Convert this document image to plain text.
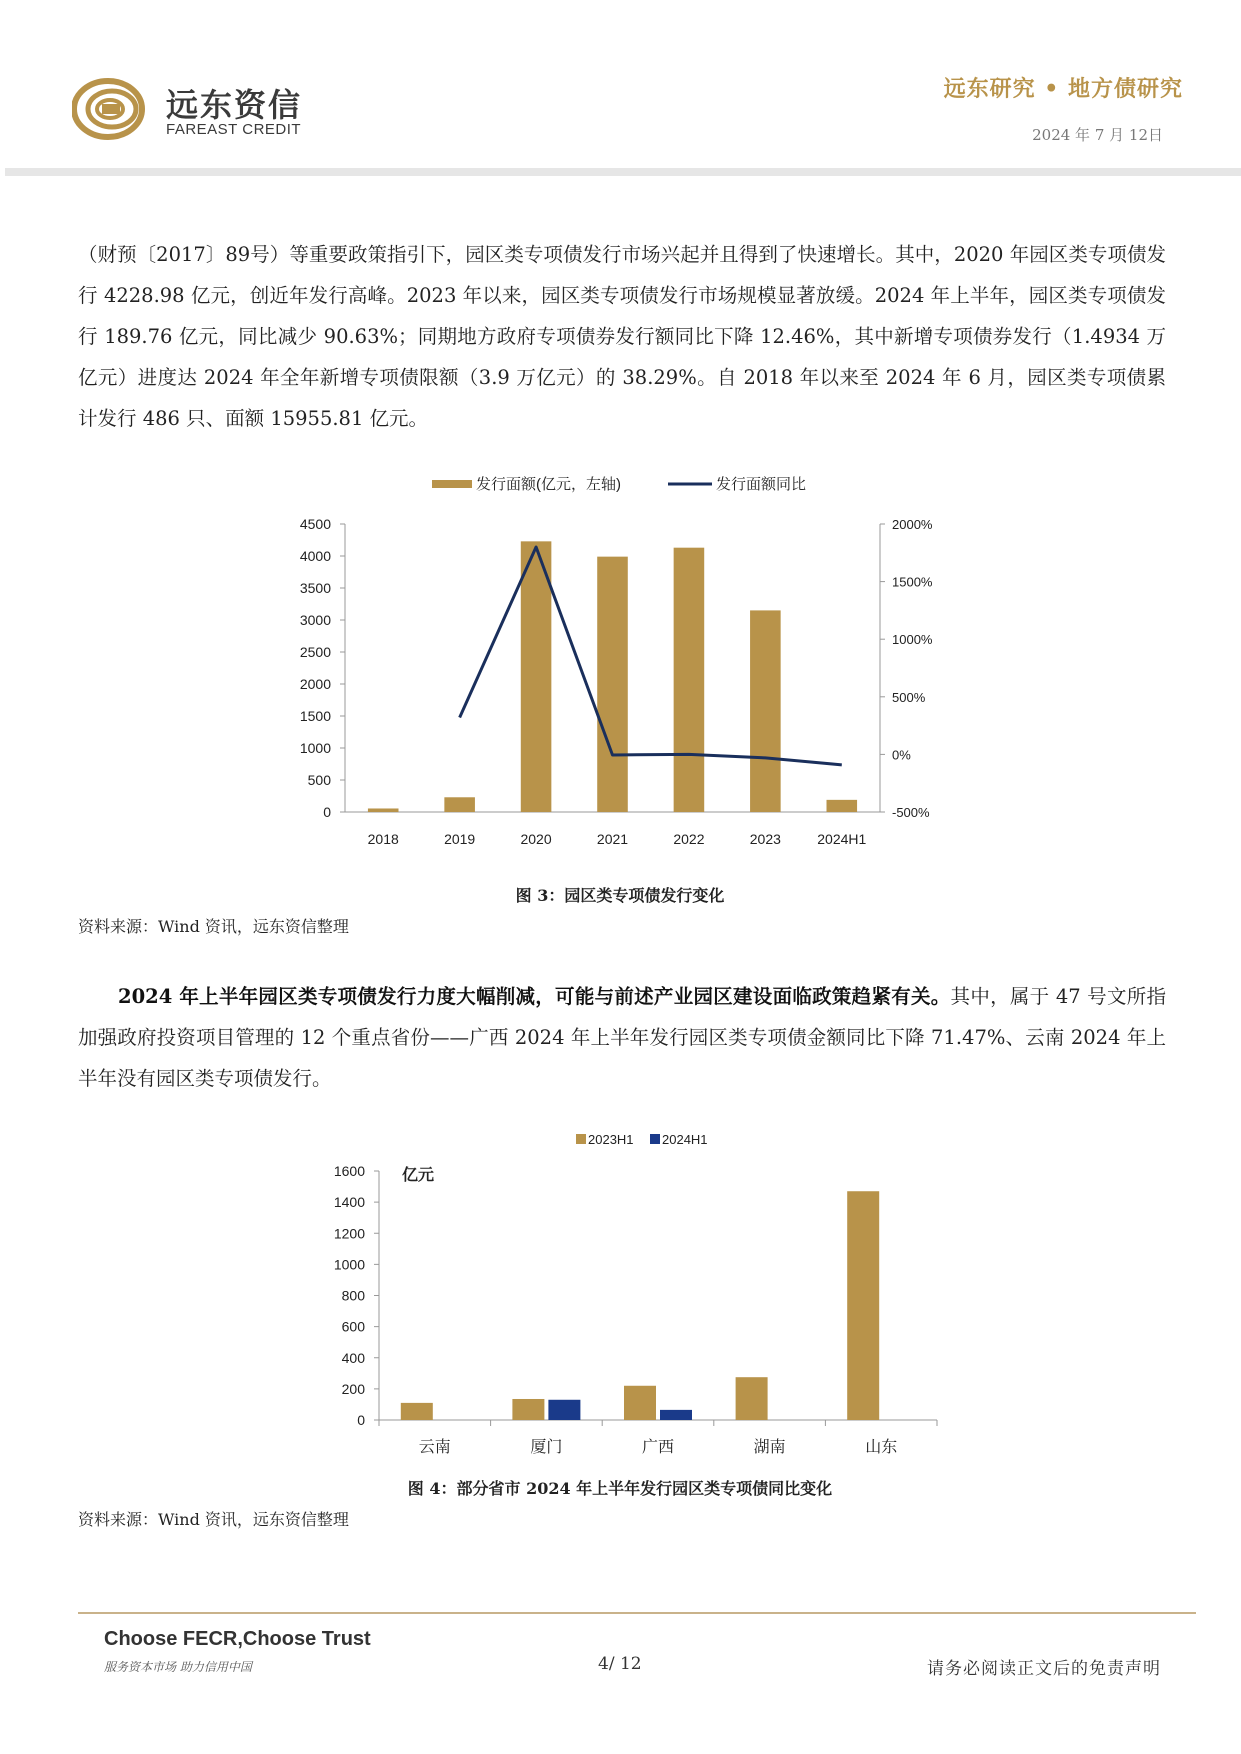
远东资信
FAREAST CREDIT
远东研究 • 地方债研究
2024 年 7 月 12日

（财预〔2017〕89号）等重要政策指引下，园区类专项债发行市场兴起并且得到了快速增长。其中，2020 年园区类专项债发行 4228.98 亿元，创近年发行高峰。2023 年以来，园区类专项债发行市场规模显著放缓。2024 年上半年，园区类专项债发行 189.76 亿元，同比减少 90.63%；同期地方政府专项债券发行额同比下降 12.46%，其中新增专项债券发行（1.4934 万亿元）进度达 2024 年全年新增专项债限额（3.9 万亿元）的 38.29%。自 2018 年以来至 2024 年 6 月，园区类专项债累计发行 486 只、面额 15955.81 亿元。

0
500
1000
1500
2000
2500
3000
3500
4000
4500
-500%
0%
500%
1000%
1500%
2000%
2018	2019	2020	2021	2022	2023	2024H1
发行面额(亿元，左轴)	发行面额同比
图 3：园区类专项债发行变化
资料来源：Wind 资讯，远东资信整理

2024 年上半年园区类专项债发行力度大幅削减，可能与前述产业园区建设面临政策趋紧有关。其中，属于 47 号文所指加强政府投资项目管理的 12 个重点省份——广西 2024 年上半年发行园区类专项债金额同比下降 71.47%、云南 2024 年上半年没有园区类专项债发行。

0
200
400
600
800
1000
1200
1400
1600 亿元
云南	厦门	广西	湖南	山东
2023H1 2024H1
图 4：部分省市 2024 年上半年发行园区类专项债同比变化
资料来源：Wind 资讯，远东资信整理
Choose FECR,Choose Trust
服务资本市场 助力信用中国	4/ 12	请务必阅读正文后的免责声明
